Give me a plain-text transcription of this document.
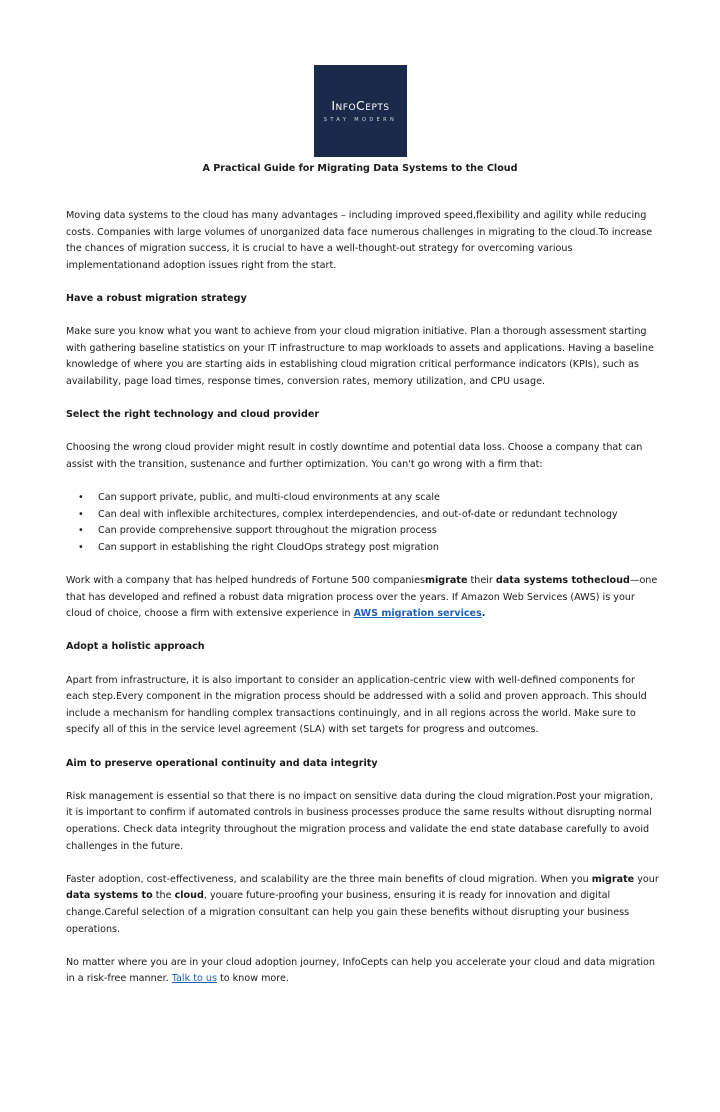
InfoCepts
STAY MODERN
A Practical Guide for Migrating Data Systems to the Cloud

Moving data systems to the cloud has many advantages – including improved speed,flexibility and agility while reducing costs. Companies with large volumes of unorganized data face numerous challenges in migrating to the cloud.To increase the chances of migration success, it is crucial to have a well-thought-out strategy for overcoming various implementationand adoption issues right from the start.

Have a robust migration strategy

Make sure you know what you want to achieve from your cloud migration initiative. Plan a thorough assessment starting with gathering baseline statistics on your IT infrastructure to map workloads to assets and applications. Having a baseline knowledge of where you are starting aids in establishing cloud migration critical performance indicators (KPIs), such as availability, page load times, response times, conversion rates, memory utilization, and CPU usage.

Select the right technology and cloud provider

Choosing the wrong cloud provider might result in costly downtime and potential data loss. Choose a company that can assist with the transition, sustenance and further optimization. You can't go wrong with a firm that:

• Can support private, public, and multi-cloud environments at any scale
• Can deal with inflexible architectures, complex interdependencies, and out-of-date or redundant technology
• Can provide comprehensive support throughout the migration process
• Can support in establishing the right CloudOps strategy post migration

Work with a company that has helped hundreds of Fortune 500 companiesmigrate their data systems tothecloud—one that has developed and refined a robust data migration process over the years. If Amazon Web Services (AWS) is your cloud of choice, choose a firm with extensive experience in AWS migration services.

Adopt a holistic approach

Apart from infrastructure, it is also important to consider an application-centric view with well-defined components for each step.Every component in the migration process should be addressed with a solid and proven approach. This should include a mechanism for handling complex transactions continuingly, and in all regions across the world. Make sure to specify all of this in the service level agreement (SLA) with set targets for progress and outcomes.

Aim to preserve operational continuity and data integrity

Risk management is essential so that there is no impact on sensitive data during the cloud migration.Post your migration, it is important to confirm if automated controls in business processes produce the same results without disrupting normal operations. Check data integrity throughout the migration process and validate the end state database carefully to avoid challenges in the future.

Faster adoption, cost-effectiveness, and scalability are the three main benefits of cloud migration. When you migrate your data systems to the cloud, youare future-proofing your business, ensuring it is ready for innovation and digital change.Careful selection of a migration consultant can help you gain these benefits without disrupting your business operations.

No matter where you are in your cloud adoption journey, InfoCepts can help you accelerate your cloud and data migration in a risk-free manner. Talk to us to know more.
